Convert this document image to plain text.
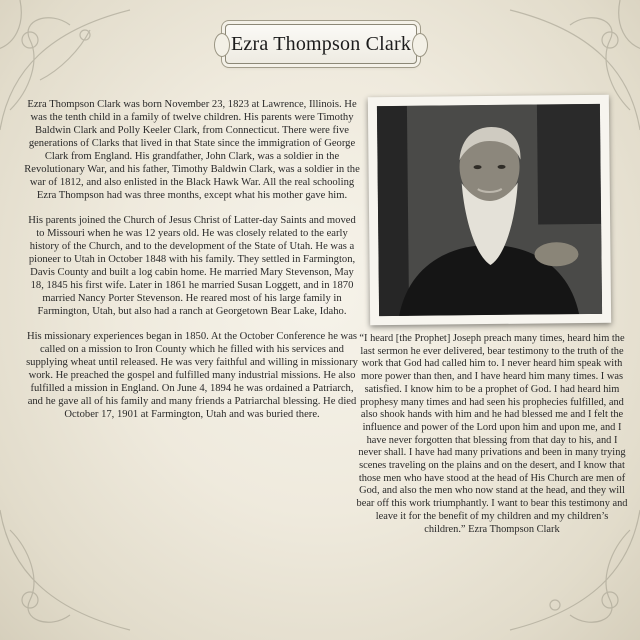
Ezra Thompson Clark

Ezra Thompson Clark was born November 23, 1823 at Lawrence, Illinois. He was the tenth child in a family of twelve children. His parents were Timothy Baldwin Clark and Polly Keeler Clark, from Connecticut. There were five generations of Clarks that lived in that State since the immigration of George Clark from England. His grandfather, John Clark, was a soldier in the Revolutionary War, and his father, Timothy Baldwin Clark, was a soldier in the war of 1812, and also enlisted in the Black Hawk War. All the real schooling Ezra Thompson had was three months, except what his mother gave him.

His parents joined the Church of Jesus Christ of Latter-day Saints and moved to Missouri when he was 12 years old. He was closely related to the early history of the Church, and to the development of the State of Utah. He was a pioneer to Utah in October 1848 with his family. They settled in Farmington, Davis County and built a log cabin home. He married Mary Stevenson, May 18, 1845 his first wife. Later in 1861 he married Susan Loggett, and in 1870 married Nancy Porter Stevenson. He reared most of his large family in Farmington, Utah, but also had a ranch at Georgetown Bear Lake, Idaho.

His missionary experiences began in 1850. At the October Conference he was called on a mission to Iron County which he filled with his services and supplying wheat until released. He was very faithful and willing in missionary work. He preached the gospel and fulfilled many industrial missions. He also fulfilled a mission in England. On June 4, 1894 he was ordained a Patriarch, and he gave all of his family and many friends a Patriarchal blessing. He died October 17, 1901 at Farmington, Utah and was buried there.

“I heard [the Prophet] Joseph preach many times, heard him the last sermon he ever delivered, bear testimony to the truth of the work that God had called him to. I never heard him speak with more power than then, and I have heard him many times. I was satisfied. I know him to be a prophet of God. I had heard him prophesy many times and had seen his prophecies fulfilled, and also shook hands with him and he had blessed me and I felt the influence and power of the Lord upon him and upon me, and I have never forgotten that blessing from that day to his, and I never shall. I have had many privations and been in many trying scenes traveling on the plains and on the desert, and I know that those men who have stood at the head of His Church are men of God, and also the men who now stand at the head, and they will bear off this work triumphantly. I want to bear this testimony and leave it for the benefit of my children and my children’s children.” Ezra Thompson Clark
